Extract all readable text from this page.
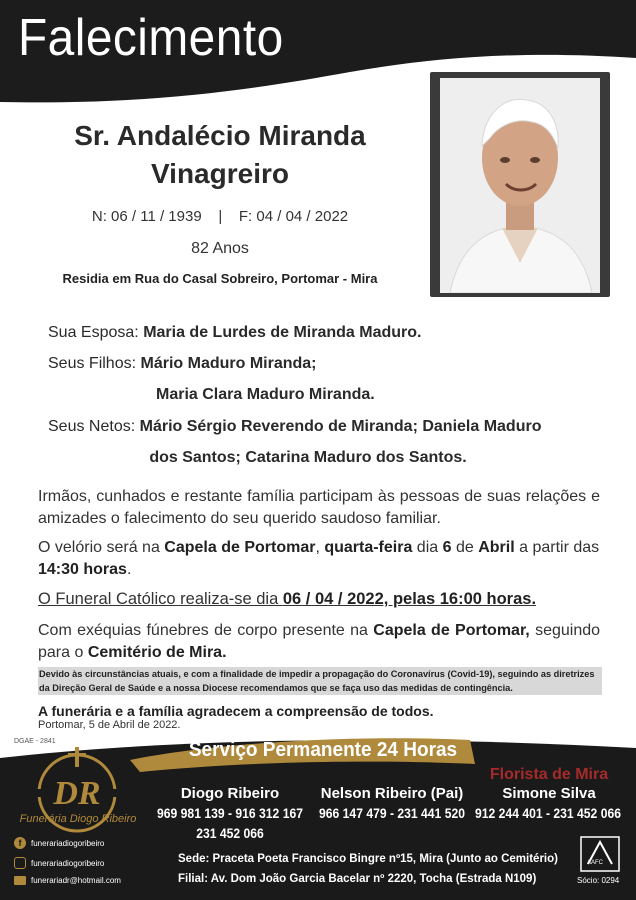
Falecimento
Sr. Andalécio Miranda
Vinagreiro
N: 06 / 11 / 1939    |    F: 04 / 04 / 2022
82 Anos
Residia em Rua do Casal Sobreiro, Portomar - Mira
Sua Esposa: Maria de Lurdes de Miranda Maduro.
Seus Filhos: Mário Maduro Miranda;
Maria Clara Maduro Miranda.
Seus Netos: Mário Sérgio Reverendo de Miranda; Daniela Maduro
dos Santos; Catarina Maduro dos Santos.
Irmãos, cunhados e restante família participam às pessoas de suas relações e amizades o falecimento do seu querido saudoso familiar.
O velório será na Capela de Portomar, quarta-feira dia 6 de Abril a partir das 14:30 horas.
O Funeral Católico realiza-se dia 06 / 04 / 2022, pelas 16:00 horas.
Com exéquias fúnebres de corpo presente na Capela de Portomar, seguindo para o Cemitério de Mira.
Devido às circunstâncias atuais, e com a finalidade de impedir a propagação do Coronavírus (Covid-19), seguindo as diretrizes da Direção Geral de Saúde e a nossa Diocese recomendamos que se faça uso das medidas de contingência.
A funerária e a família agradecem a compreensão de todos.
Portomar, 5 de Abril de 2022.
DGAE - 2841	Serviço Permanente 24 Horas
DR
Funerária Diogo Ribeiro
f	funerariadiogoribeiro
funerariadiogoribeiro
funerariadr@hotmail.com
Diogo Ribeiro
969 981 139 - 916 312 167
231 452 066
Nelson Ribeiro (Pai)
966 147 479 - 231 441 520
Florista de Mira
Simone Silva
912 244 401 - 231 452 066
Sede: Praceta Poeta Francisco Bingre nº15, Mira (Junto ao Cemitério)
Filial: Av. Dom João Garcia Bacelar nº 2220, Tocha (Estrada N109)
AAFC
Sócio: 0294
